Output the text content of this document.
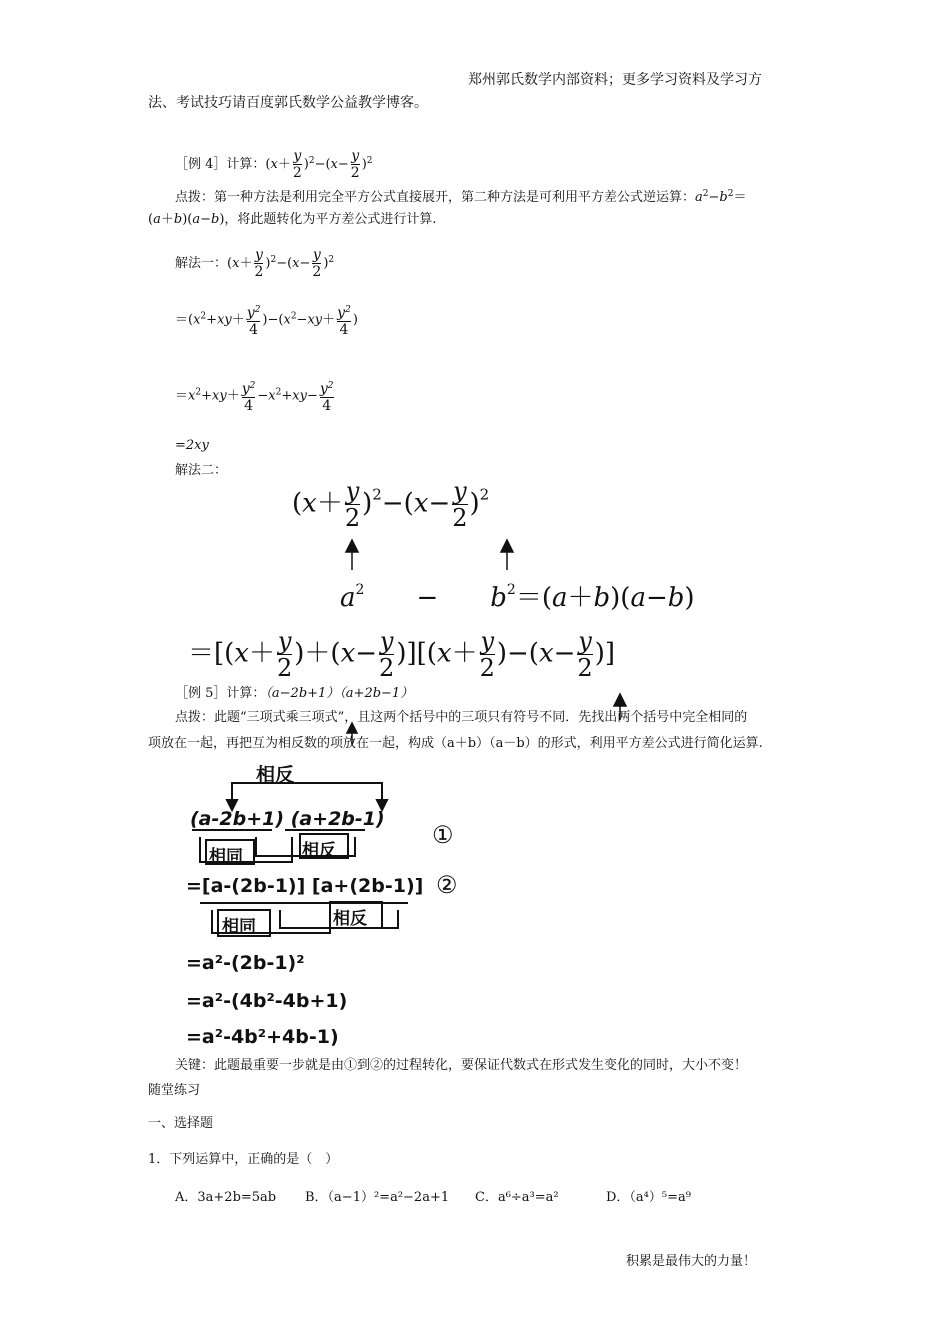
郑州郭氏数学内部资料；更多学习资料及学习方
法、考试技巧请百度郭氏数学公益教学博客。
［例 4］计算：$(x+ \frac{y}{2} )^2-(x- \frac{y}{2} )^2$
点拨：第一种方法是利用完全平方公式直接展开，第二种方法是可利用平方差公式逆运算：$a^2-b^2=$
(a＋b)(a−b)，将此题转化为平方差公式进行计算.
解法一：$(x+ \frac{y}{2} )^2-(x- \frac{y}{2} )^2$
$=(x^2+xy+ \frac{y^2}{4} )-(x^2-xy+ \frac{y^2}{4}$ )
$=x^2+xy+ \frac{y^2}{4} -x^2+xy- \frac{y^2}{4}$
=2xy
解法二：
$(x+ \frac{y}{2} )^2-(x- \frac{y}{2} )^2$
$a^2$　　−　　$b^2=(a+b)(a-b)$
$=[(x+ \frac{y}{2} )+(x- \frac{y}{2} )][(x+ \frac{y}{2} )-(x- \frac{y}{2}$ )]
［例 5］计算：（a−2b+1）（a+2b−1）
点拨：此题“三项式乘三项式”，且这两个括号中的三项只有符号不同．先找出两个括号中完全相同的
项放在一起，再把互为相反数的项放在一起，构成（a＋b）（a－b）的形式，利用平方差公式进行简化运算.
相反
(a-2b+1) (a+2b-1)
相同	相反
①
=[a-(2b-1)] [a+(2b-1)] ②
相同	相反
=a²-(2b-1)²
=a²-(4b²-4b+1)
=a²-4b²+4b-1)
关键：此题最重要一步就是由①到②的过程转化，要保证代数式在形式发生变化的同时，大小不变！
随堂练习
一、选择题
1．下列运算中，正确的是（　）
A．3a+2b=5ab B．（a−1）²=a²−2a+1 C．a⁶÷a³=a²	D．（a⁴）⁵=a⁹
积累是最伟大的力量！
